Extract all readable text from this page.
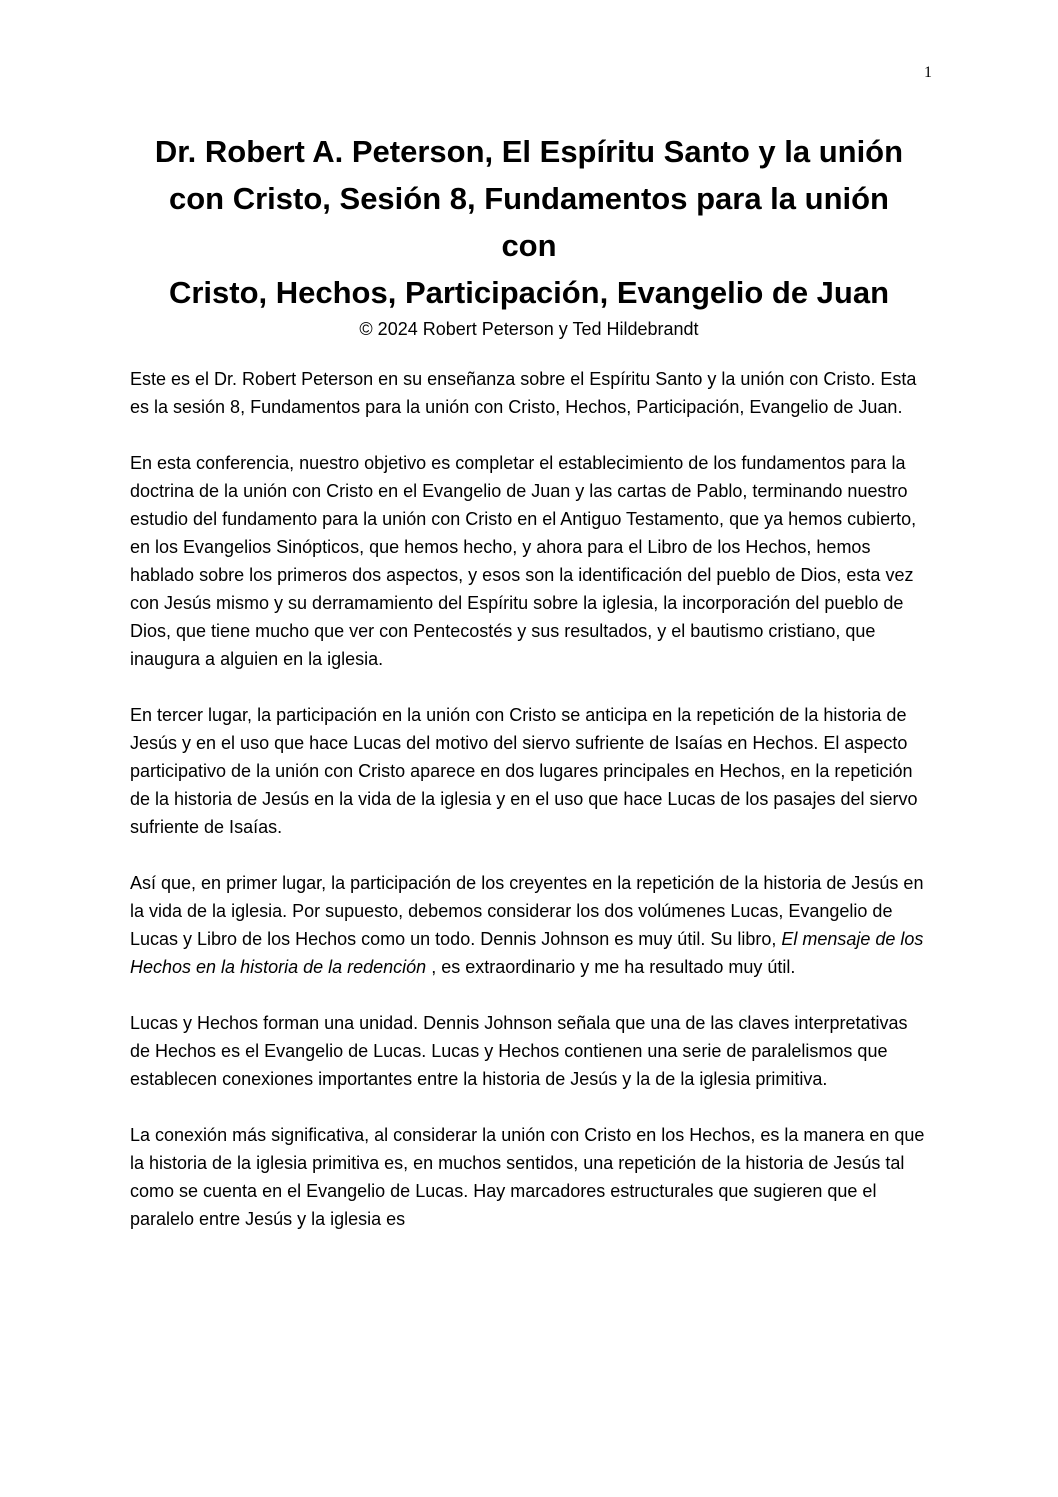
1
Dr. Robert A. Peterson, El Espíritu Santo y la unión
con Cristo, Sesión 8, Fundamentos para la unión
con
Cristo, Hechos, Participación, Evangelio de Juan

© 2024 Robert Peterson y Ted Hildebrandt

Este es el Dr. Robert Peterson en su enseñanza sobre el Espíritu Santo y la unión con Cristo. Esta es la sesión 8, Fundamentos para la unión con Cristo, Hechos, Participación, Evangelio de Juan.

En esta conferencia, nuestro objetivo es completar el establecimiento de los fundamentos para la doctrina de la unión con Cristo en el Evangelio de Juan y las cartas de Pablo, terminando nuestro estudio del fundamento para la unión con Cristo en el Antiguo Testamento, que ya hemos cubierto, en los Evangelios Sinópticos, que hemos hecho, y ahora para el Libro de los Hechos, hemos hablado sobre los primeros dos aspectos, y esos son la identificación del pueblo de Dios, esta vez con Jesús mismo y su derramamiento del Espíritu sobre la iglesia, la incorporación del pueblo de Dios, que tiene mucho que ver con Pentecostés y sus resultados, y el bautismo cristiano, que inaugura a alguien en la iglesia.

En tercer lugar, la participación en la unión con Cristo se anticipa en la repetición de la historia de Jesús y en el uso que hace Lucas del motivo del siervo sufriente de Isaías en Hechos. El aspecto participativo de la unión con Cristo aparece en dos lugares principales en Hechos, en la repetición de la historia de Jesús en la vida de la iglesia y en el uso que hace Lucas de los pasajes del siervo sufriente de Isaías.

Así que, en primer lugar, la participación de los creyentes en la repetición de la historia de Jesús en la vida de la iglesia. Por supuesto, debemos considerar los dos volúmenes Lucas, Evangelio de Lucas y Libro de los Hechos como un todo. Dennis Johnson es muy útil. Su libro, El mensaje de los Hechos en la historia de la redención , es extraordinario y me ha resultado muy útil.

Lucas y Hechos forman una unidad. Dennis Johnson señala que una de las claves interpretativas de Hechos es el Evangelio de Lucas. Lucas y Hechos contienen una serie de paralelismos que establecen conexiones importantes entre la historia de Jesús y la de la iglesia primitiva.

La conexión más significativa, al considerar la unión con Cristo en los Hechos, es la manera en que la historia de la iglesia primitiva es, en muchos sentidos, una repetición de la historia de Jesús tal como se cuenta en el Evangelio de Lucas. Hay marcadores estructurales que sugieren que el paralelo entre Jesús y la iglesia es
